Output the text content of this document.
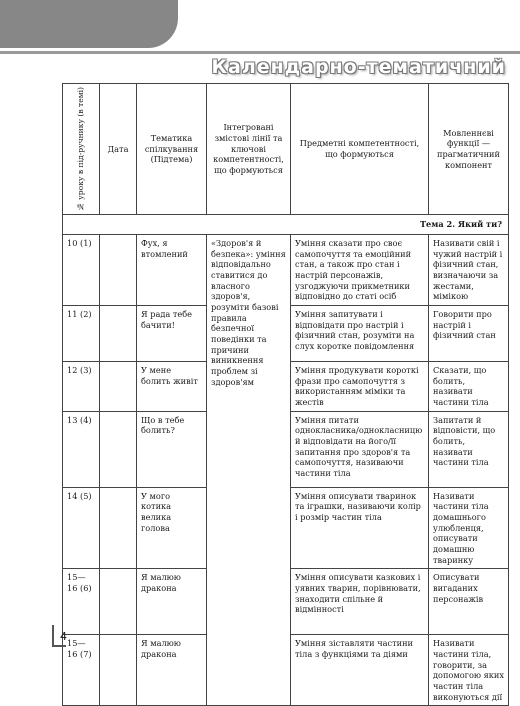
Календарно-тематичний
№ уроку в під-ручнику (в темі)	Дата	Тематика спілкування (Підтема)	Інтегровані змістові лінії та ключові компетентності, що формуються	Предметні компетентності, що формуються	Мовленнєві функції — прагматичний компонент
Тема 2. Який ти?					
10 (1)		Фух, я втомлений	«Здоров'я й безпека»: уміння відповідально ставитися до власного здоров'я, розуміти базові правила безпечної поведінки та причини виникнення проблем зі здоров'ям	Уміння сказати про своє самопочуття та емоційний стан, а також про стан і настрій персонажів, узгоджуючи прикметники відповідно до статі осіб	Називати свій і чужий настрій і фізичний стан, визначаючи за жестами, мімікою
11 (2)		Я рада тебе бачити!		Уміння запитувати і відповідати про настрій і фізичний стан, розуміти на слух коротке повідомлення	Говорити про настрій і фізичний стан
12 (3)		У мене болить живіт		Уміння продукувати короткі фрази про самопочуття з використанням міміки та жестів	Сказати, що болить, називати частини тіла
13 (4)		Що в тебе болить?		Уміння питати однокласника/однокласницю й відповідати на його/її запитання про здоров'я та самопочуття, називаючи частини тіла	Запитати й відповісти, що болить, називати частини тіла
14 (5)		У мого котика велика голова		Уміння описувати тваринок та іграшки, називаючи колір і розмір частин тіла	Називати частини тіла домашнього улюбленця, описувати домашню тваринку
15—16 (6)		Я малюю дракона		Уміння описувати казкових і уявних тварин, порівнювати, знаходити спільне й відмінності	Описувати вигаданих персонажів
15—16 (7)		Я малюю дракона		Уміння зіставляти частини тіла з функціями та діями	Називати частини тіла, говорити, за допомогою яких частин тіла виконуються дії
4
